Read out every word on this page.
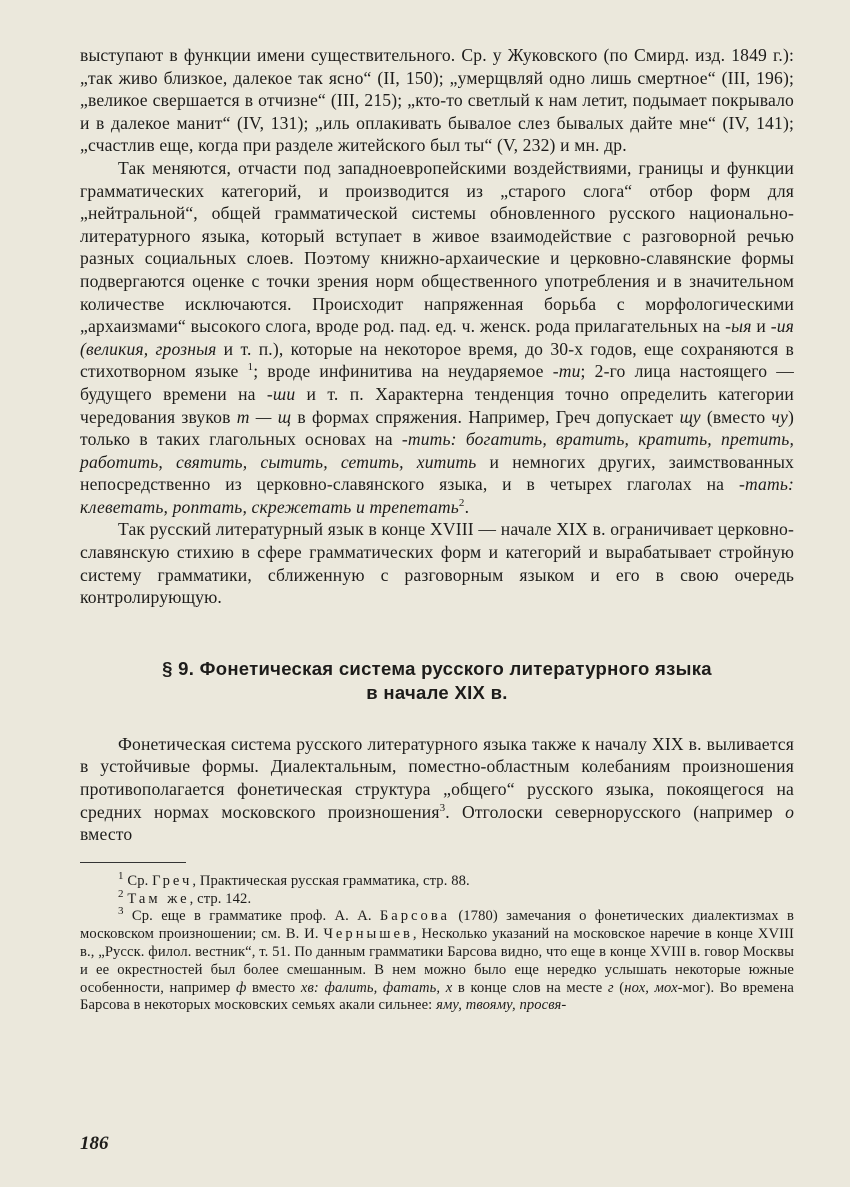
выступают в функции имени существительного. Ср. у Жуковского (по Смирд. изд. 1849 г.): „так живо близкое, далекое так ясно“ (II, 150); „умерщвляй одно лишь смертное“ (III, 196); „великое свершается в отчизне“ (III, 215); „кто-то светлый к нам летит, подымает покрывало и в далекое манит“ (IV, 131); „иль оплакивать бывалое слез бывалых дайте мне“ (IV, 141); „счастлив еще, когда при разделе житейского был ты“ (V, 232) и мн. др.

Так меняются, отчасти под западноевропейскими воздействиями, границы и функции грамматических категорий, и производится из „старого слога“ отбор форм для „нейтральной“, общей грамматической системы обновленного русского национально-литературного языка, который вступает в живое взаимодействие с разговорной речью разных социальных слоев. Поэтому книжно-архаические и церковно-славянские формы подвергаются оценке с точки зрения норм общественного употребления и в значительном количестве исключаются. Происходит напряженная борьба с морфологическими „архаизмами“ высокого слога, вроде род. пад. ед. ч. женск. рода прилагательных на -ыя и -ия (великия, грозныя и т. п.), которые на некоторое время, до 30-х годов, еще сохраняются в стихотворном языке $^1$; вроде инфинитива на неударяемое -ти; 2-го лица настоящего — будущего времени на -ши и т. п. Характерна тенденция точно определить категории чередования звуков т — щ в формах спряжения. Например, Греч допускает щу (вместо чу) только в таких глагольных основах на -тить: богатить, вратить, кратить, претить, работить, святить, сытить, сетить, хитить и немногих других, заимствованных непосредственно из церковно-славянского языка, и в четырех глаголах на -тать: клеветать, роптать, скрежетать и трепетать$^2$.

Так русский литературный язык в конце XVIII — начале XIX в. ограничивает церковно-славянскую стихию в сфере грамматических форм и категорий и вырабатывает стройную систему грамматики, сближенную с разговорным языком и его в свою очередь контролирующую.

§ 9. Фонетическая система русского литературного языка
в начале XIX в.

Фонетическая система русского литературного языка также к началу XIX в. выливается в устойчивые формы. Диалектальным, поместно-областным колебаниям произношения противополагается фонетическая структура „общего“ русского языка, покоящегося на средних нормах московского произношения$^3$. Отголоски севернорусского (например о вместо

$^1$ Ср. Греч, Практическая русская грамматика, стр. 88.

$^2$ Там же, стр. 142.

$^3$ Ср. еще в грамматике проф. А. А. Барсова (1780) замечания о фонетических диалектизмах в московском произношении; см. В. И. Чернышев, Несколько указаний на московское наречие в конце XVIII в., „Русск. филол. вестник“, т. 51. По данным грамматики Барсова видно, что еще в конце XVIII в. говор Москвы и ее окрестностей был более смешанным. В нем можно было еще нередко услышать некоторые южные особенности, например ф вместо хв: фалить, фатать, х в конце слов на месте г (нох, мох-мог). Во времена Барсова в некоторых московских семьях акали сильнее: яму, твояму, просвя-

186
